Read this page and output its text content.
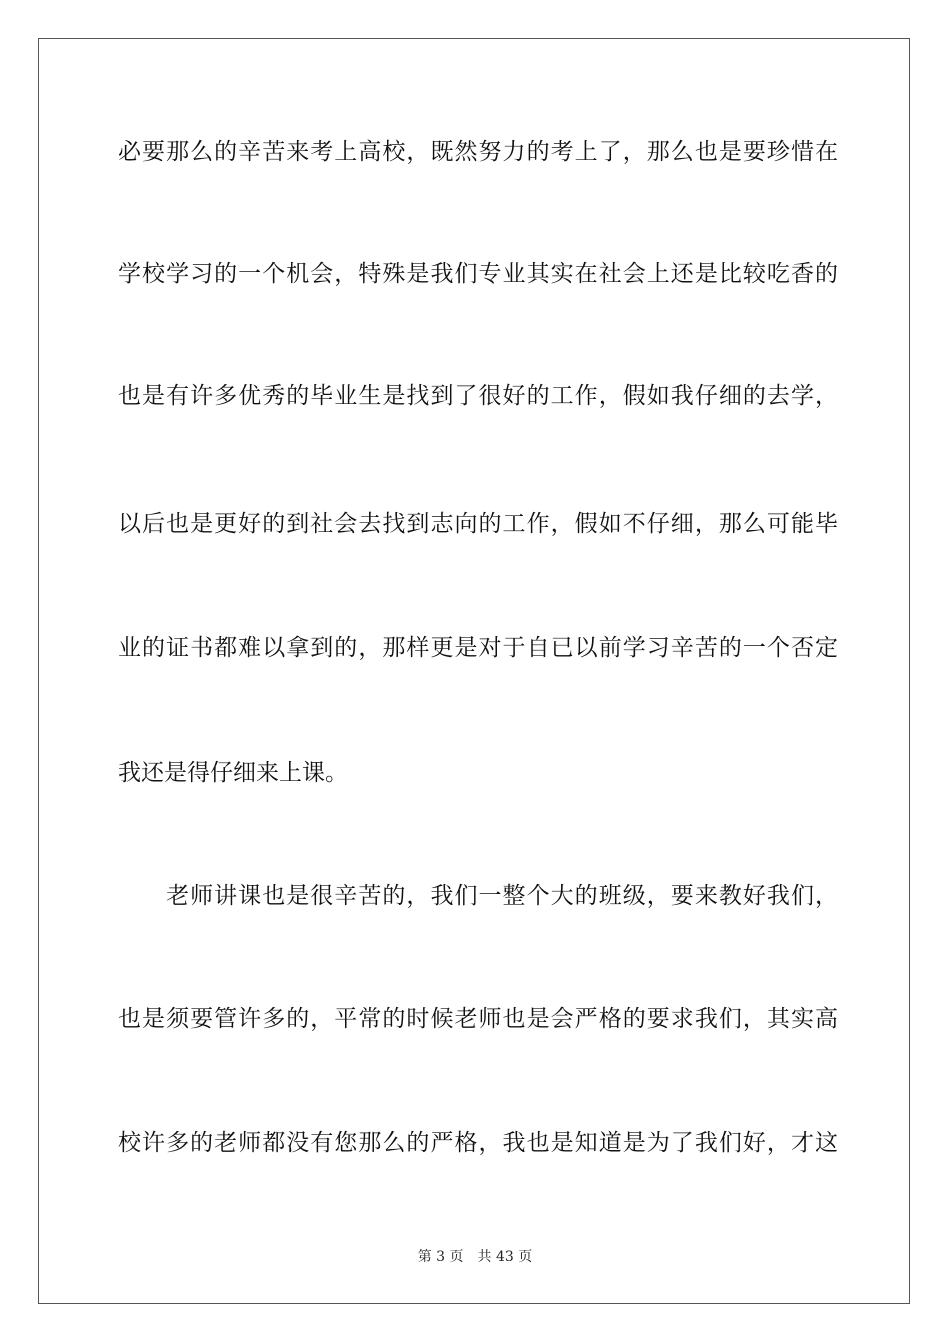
必要那么的辛苦来考上高校，既然努力的考上了，那么也是要珍惜在
学校学习的一个机会，特殊是我们专业其实在社会上还是比较吃香的
也是有许多优秀的毕业生是找到了很好的工作，假如我仔细的去学，
以后也是更好的到社会去找到志向的工作，假如不仔细，那么可能毕
业的证书都难以拿到的，那样更是对于自已以前学习辛苦的一个否定
我还是得仔细来上课。
　　老师讲课也是很辛苦的，我们一整个大的班级，要来教好我们，
也是须要管许多的，平常的时候老师也是会严格的要求我们，其实高
校许多的老师都没有您那么的严格，我也是知道是为了我们好，才这
第 3 页 共 43 页
